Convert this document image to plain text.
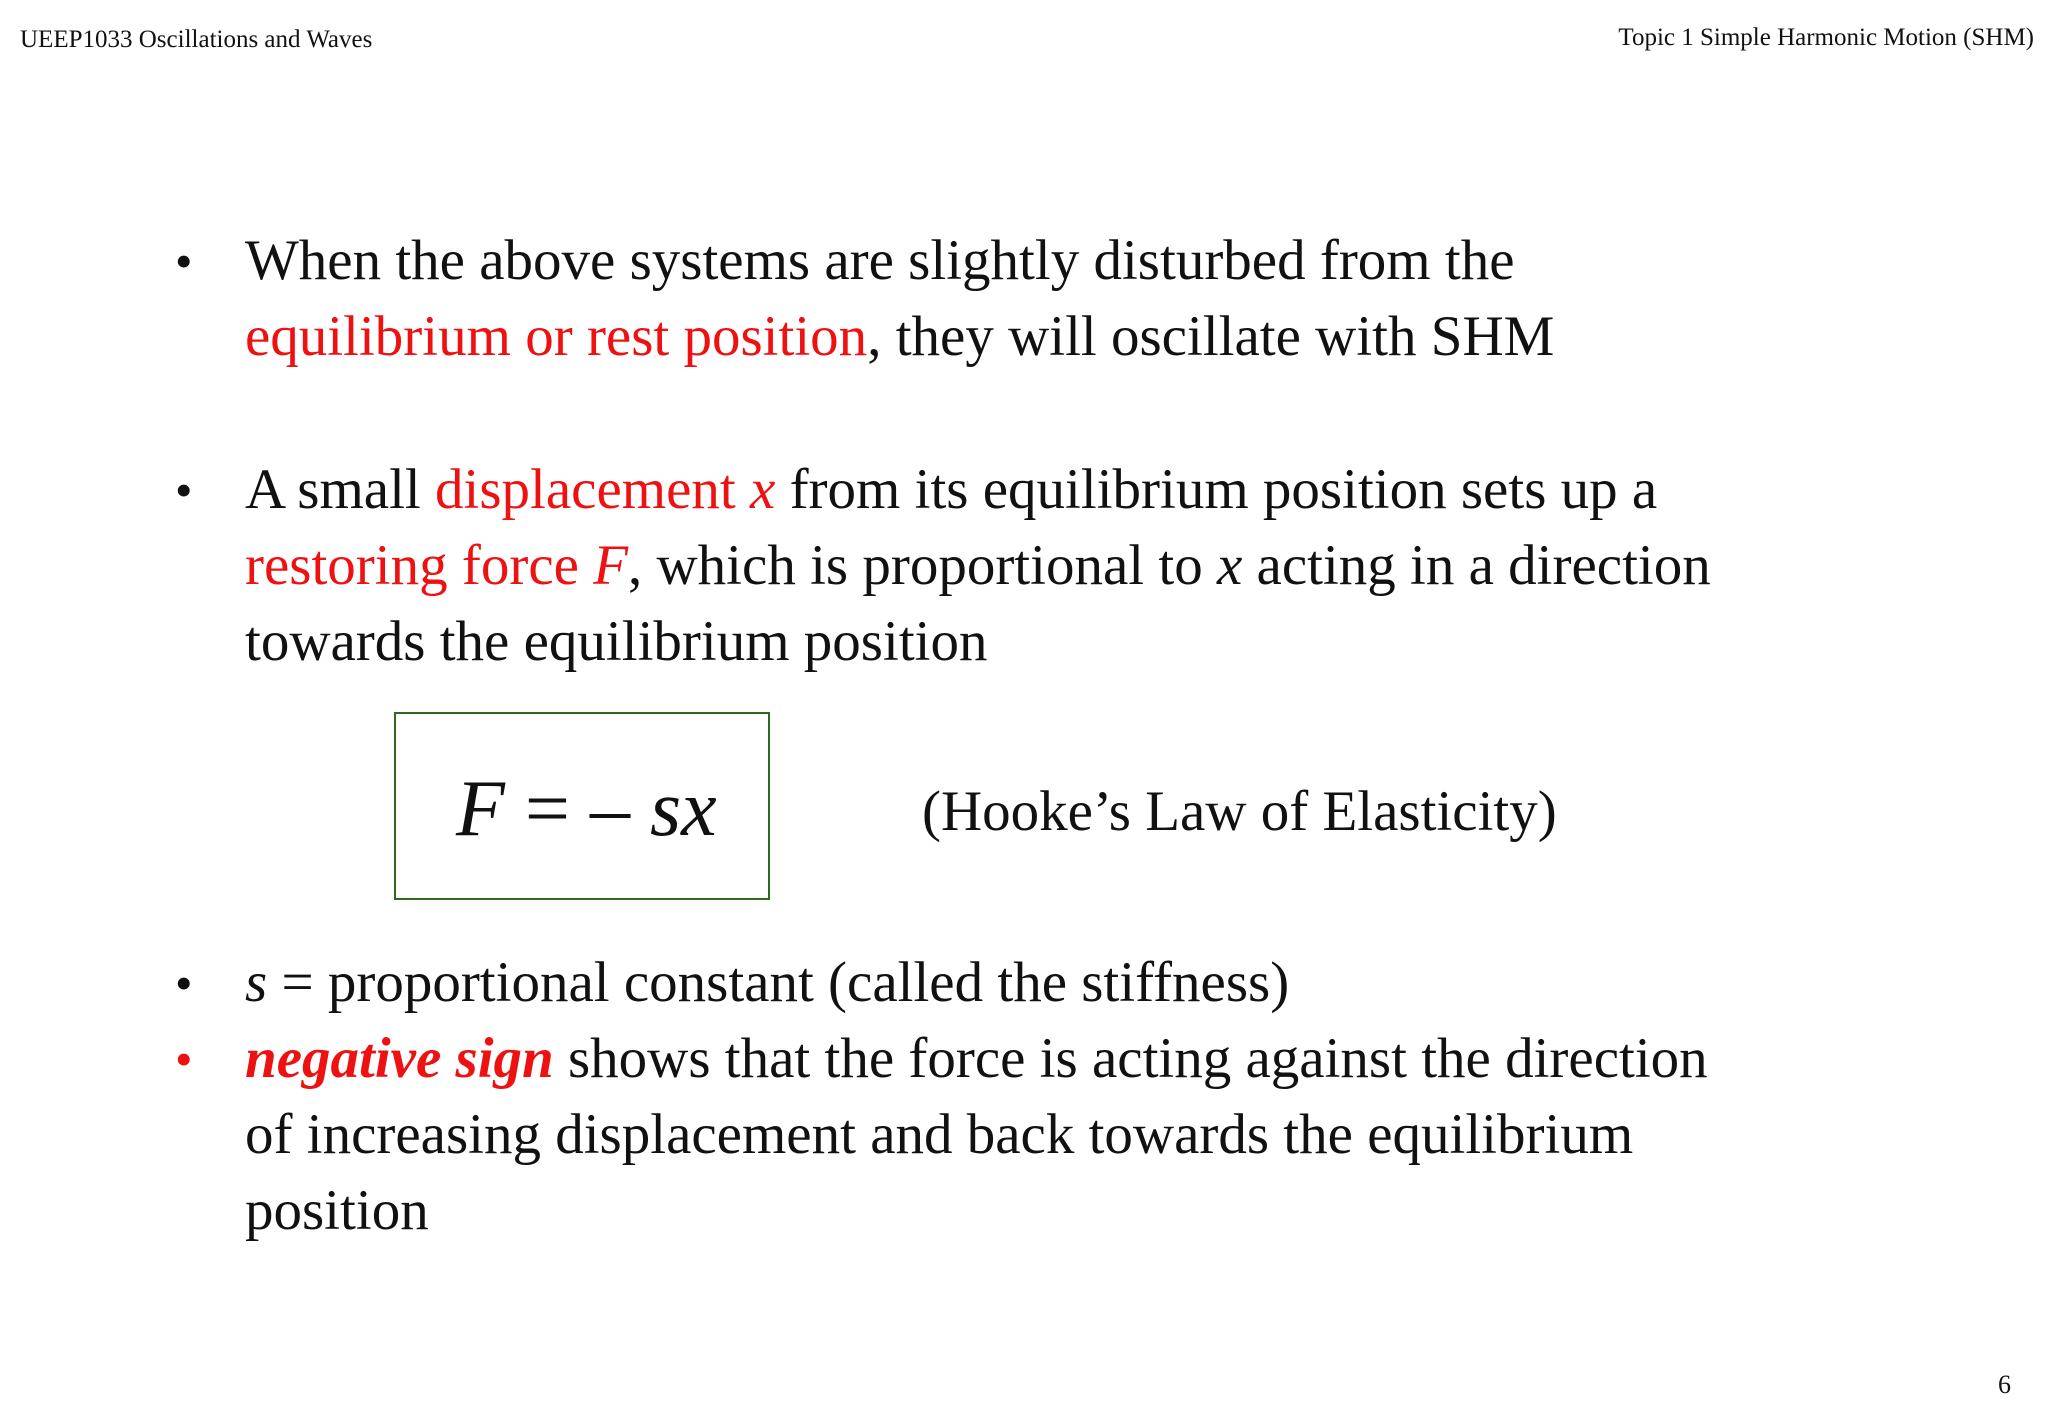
UEEP1033 Oscillations and Waves	Topic 1 Simple Harmonic Motion (SHM)
• When the above systems are slightly disturbed from the
equilibrium or rest position, they will oscillate with SHM
• A small displacement x from its equilibrium position sets up a
restoring force F, which is proportional to x acting in a direction
towards the equilibrium position
F = – sx	(Hooke’s Law of Elasticity)
• s = proportional constant (called the stiffness)
• negative sign shows that the force is acting against the direction
of increasing displacement and back towards the equilibrium
position
6
